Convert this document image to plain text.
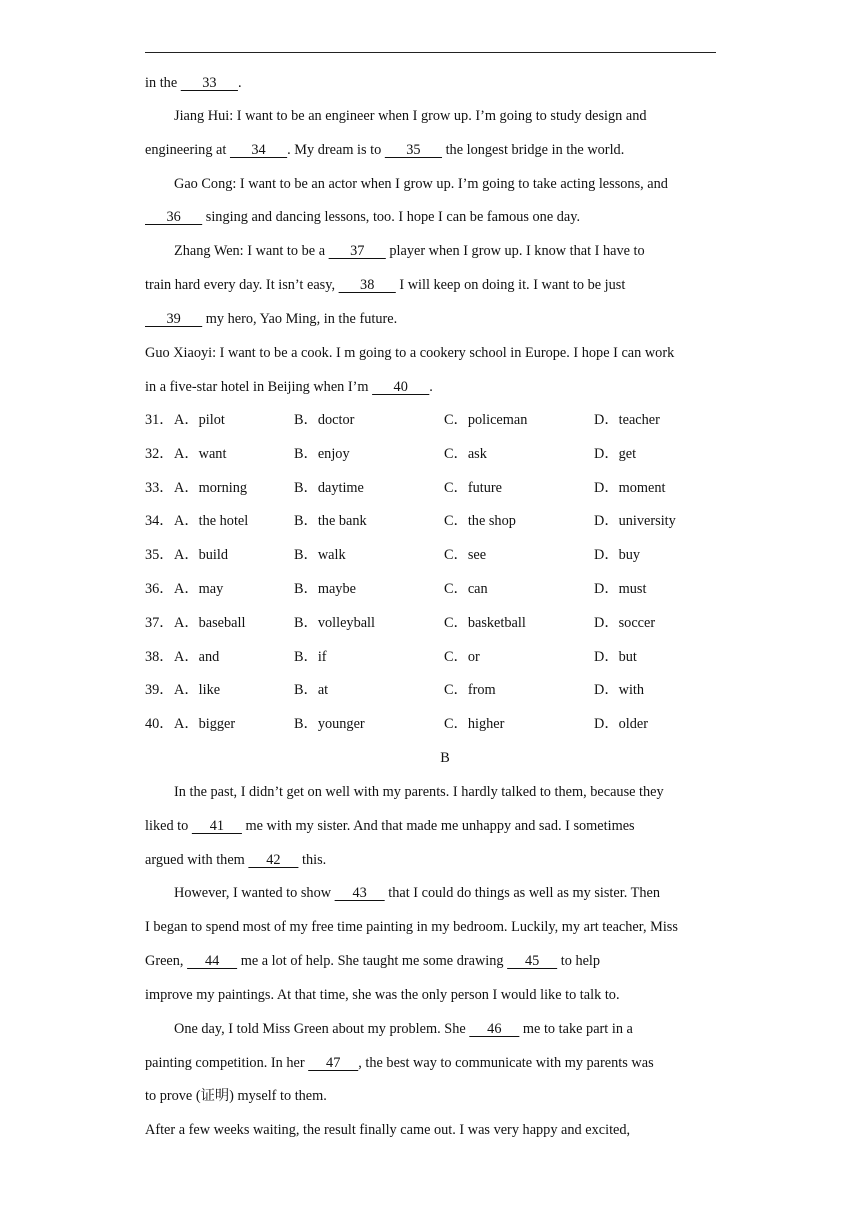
in the       33      .
Jiang Hui: I want to be an engineer when I grow up. I’m going to study design and
engineering at       34      . My dream is to       35       the longest bridge in the world.
Gao Cong: I want to be an actor when I grow up. I’m going to take acting lessons, and
36       singing and dancing lessons, too. I hope I can be famous one day.
Zhang Wen: I want to be a       37       player when I grow up. I know that I have to
train hard every day. It isn’t easy,       38       I will keep on doing it. I want to be just
39       my hero, Yao Ming, in the future.
Guo Xiaoyi: I want to be a cook. I m going to a cookery school in Europe. I hope I can work
in a five-star hotel in Beijing when I’m       40      .
31． A．pilot	B．doctor	C．policeman	D．teacher
32． A．want	B．enjoy	C．ask	D．get
33． A．morning	B．daytime	C．future	D．moment
34． A．the hotel	B．the bank	C．the shop	D．university
35． A．build	B．walk	C．see	D．buy
36． A．may	B．maybe	C．can	D．must
37． A．baseball	B．volleyball	C．basketball	D．soccer
38． A．and	B．if	C．or	D．but
39． A．like	B．at	C．from	D．with
40． A．bigger	B．younger	C．higher	D．older
B
In the past, I didn’t get on well with my parents. I hardly talked to them, because they
liked to      41      me with my sister. And that made me unhappy and sad. I sometimes
argued with them      42      this.
However, I wanted to show      43      that I could do things as well as my sister. Then
I began to spend most of my free time painting in my bedroom. Luckily, my art teacher, Miss
Green,      44      me a lot of help. She taught me some drawing      45      to help
improve my paintings. At that time, she was the only person I would like to talk to.
One day, I told Miss Green about my problem. She      46      me to take part in a
painting competition. In her      47     , the best way to communicate with my parents was
to prove (证明) myself to them.
After a few weeks waiting, the result finally came out. I was very happy and excited,
